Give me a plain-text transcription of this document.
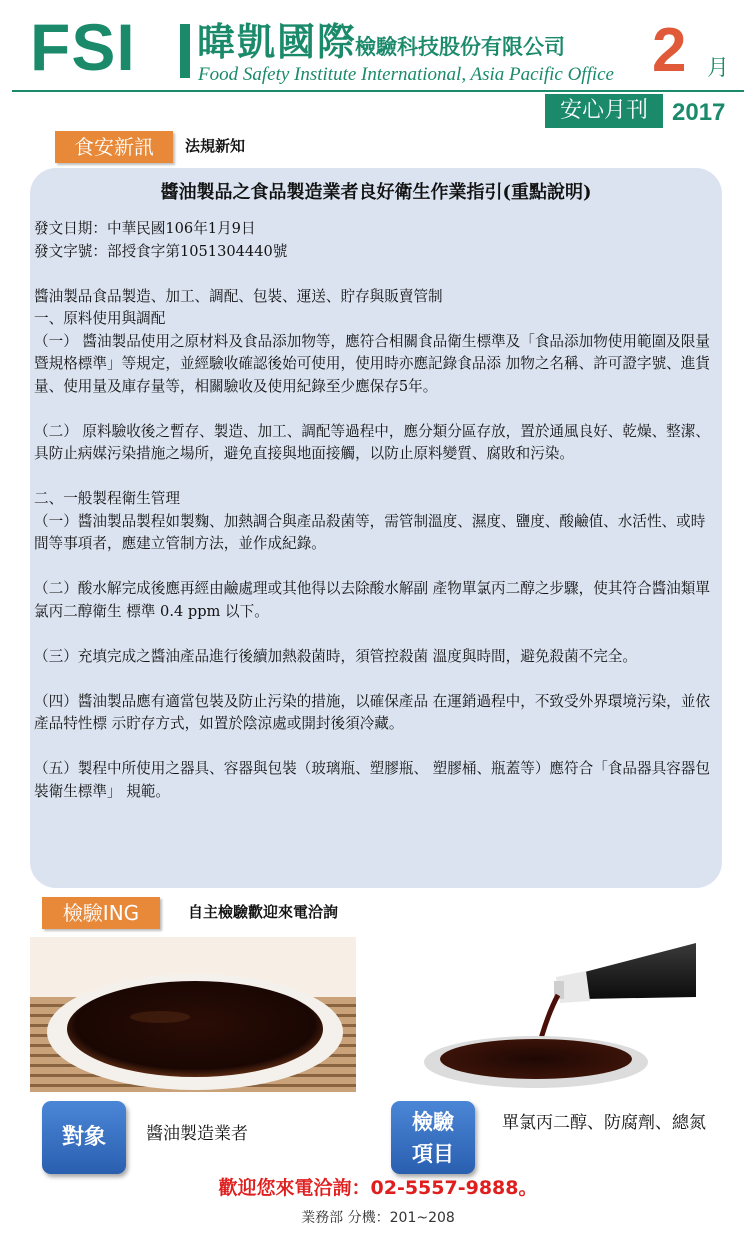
FSI 暐凱國際
檢驗科技股份有限公司
Food Safety Institute International, Asia Pacific Office 2 月
安心月刊	2017
食安新訊	法規新知
醬油製品之食品製造業者良好衛生作業指引(重點說明)

發文日期：中華民國106年1月9日

發文字號：部授食字第1051304440號

醬油製品食品製造、加工、調配、包裝、運送、貯存與販賣管制

一、原料使用與調配

（一） 醬油製品使用之原材料及食品添加物等，應符合相關食品衛生標準及「食品添加物使用範圍及限量暨規格標準」等規定，並經驗收確認後始可使用，使用時亦應記錄食品添 加物之名稱、許可證字號、進貨量、使用量及庫存量等，相關驗收及使用紀錄至少應保存5年。

（二） 原料驗收後之暫存、製造、加工、調配等過程中，應分類分區存放，置於通風良好、乾燥、整潔、具防止病媒污染措施之場所，避免直接與地面接觸，以防止原料變質、腐敗和污染。

二、一般製程衛生管理

（一）醬油製品製程如製麴、加熱調合與產品殺菌等，需管制溫度、濕度、鹽度、酸鹼值、水活性、或時間等事項者，應建立管制方法，並作成紀錄。

（二）酸水解完成後應再經由鹼處理或其他得以去除酸水解副 產物單氯丙二醇之步驟，使其符合醬油類單氯丙二醇衛生 標準 0.4 ppm 以下。

（三）充填完成之醬油產品進行後續加熱殺菌時，須管控殺菌 溫度與時間，避免殺菌不完全。

（四）醬油製品應有適當包裝及防止污染的措施，以確保產品 在運銷過程中，不致受外界環境污染，並依產品特性標 示貯存方式，如置於陰涼處或開封後須冷藏。

（五）製程中所使用之器具、容器與包裝（玻璃瓶、塑膠瓶、 塑膠桶、瓶蓋等）應符合「食品器具容器包裝衛生標準」 規範。

檢驗ING	自主檢驗歡迎來電洽詢
對象	醬油製造業者	檢驗
項目
單氯丙二醇、防腐劑、總氮
歡迎您來電洽詢：02-5557-9888。
業務部 分機：201~208
